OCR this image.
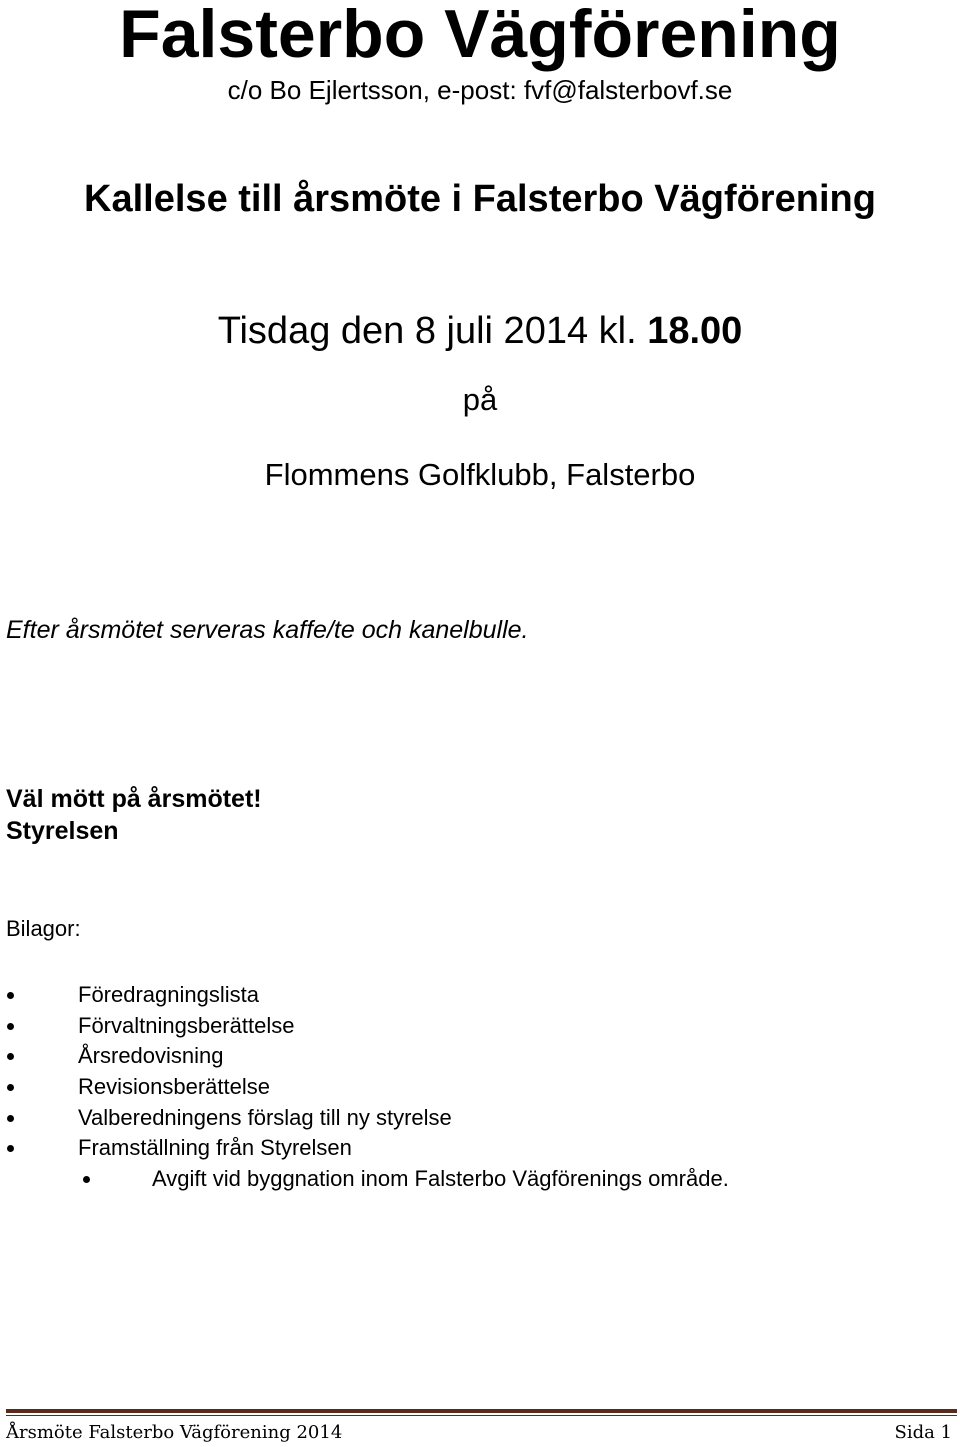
Falsterbo Vägförening
c/o Bo Ejlertsson, e-post: fvf@falsterbovf.se
Kallelse till årsmöte i Falsterbo Vägförening
Tisdag den 8 juli 2014 kl. 18.00
på
Flommens Golfklubb, Falsterbo
Efter årsmötet serveras kaffe/te och kanelbulle.
Väl mött på årsmötet!
Styrelsen
Bilagor:
Föredragningslista
Förvaltningsberättelse
Årsredovisning
Revisionsberättelse
Valberedningens förslag till ny styrelse
Framställning från Styrelsen
Avgift vid byggnation inom Falsterbo Vägförenings område.
Årsmöte Falsterbo Vägförening 2014	Sida 1
